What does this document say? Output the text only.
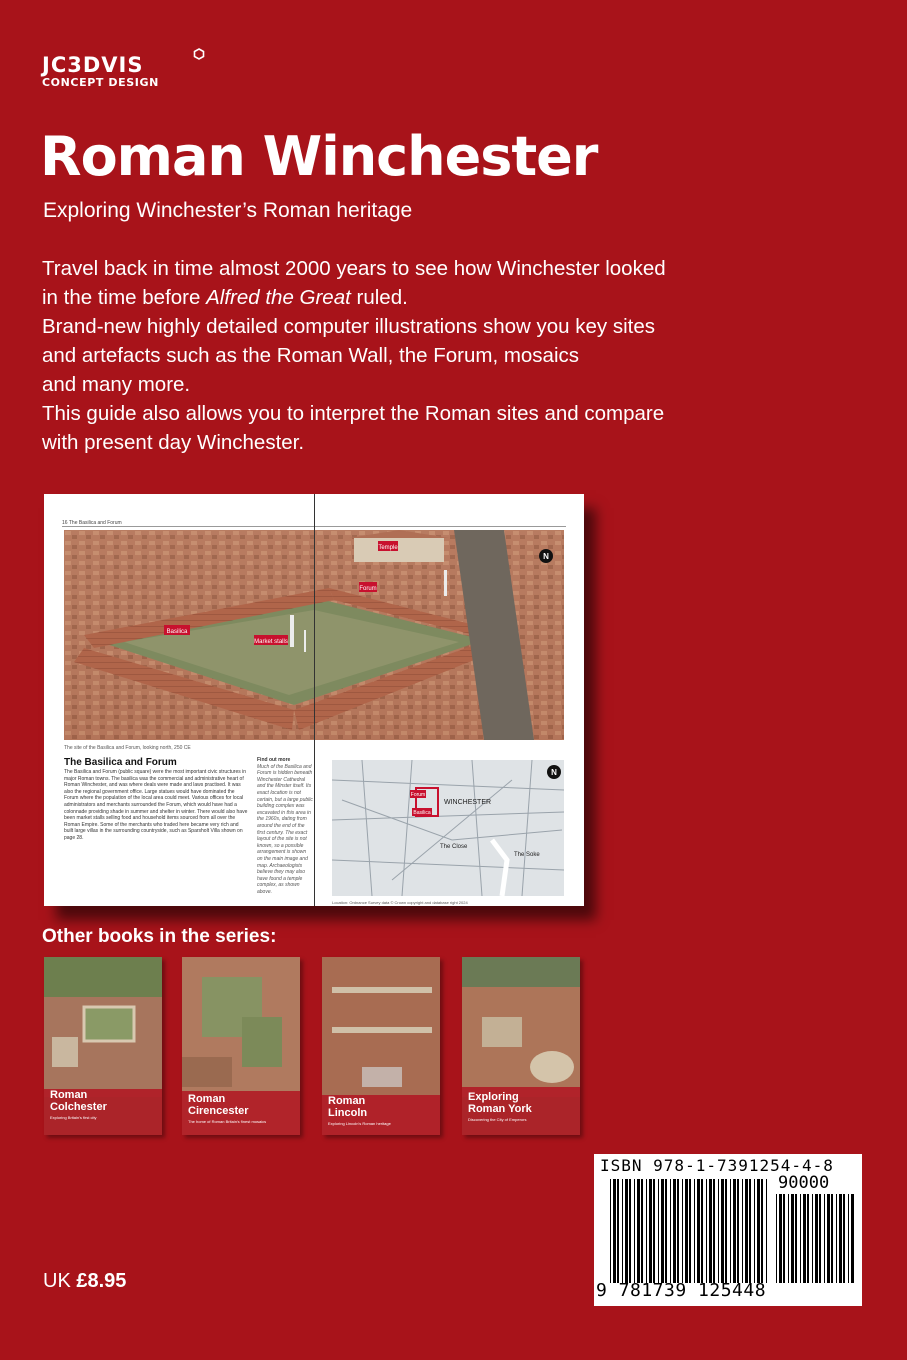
JC3DVIS
CONCEPT DESIGN
Roman Winchester
Exploring Winchester’s Roman heritage

Travel back in time almost 2000 years to see how Winchester looked

in the time before Alfred the Great ruled.

Brand-new highly detailed computer illustrations show you key sites

and artefacts such as the Roman Wall, the Forum, mosaics

and many more.

This guide also allows you to interpret the Roman sites and compare

with present day Winchester.

16 The Basilica and Forum
Temple
Forum
Basilica
Market stalls
N
The site of the Basilica and Forum, looking north, 250 CE
The Basilica and Forum
The Basilica and Forum (public square) were the most important civic structures in major Roman towns. The basilica was the commercial and administrative heart of Roman Winchester, and was where deals were made and laws practised. It was also the regional government office. Large statues would have dominated the Forum where the population of the local area could meet. Various offices for local administrators and merchants surrounded the Forum, which would have had a colonnade providing shade in summer and shelter in winter. There would also have been market stalls selling food and household items sourced from all over the Roman Empire. Some of the merchants who traded here became very rich and built large villas in the surrounding countryside, such as Sparsholt Villa shown on page 28.
Find out more
Much of the Basilica and Forum is hidden beneath Winchester Cathedral and the Minster itself. Its exact location is not certain, but a large public building complex was excavated in this area in the 1960s, dating from around the end of the first century. The exact layout of the site is not known, so a possible arrangement is shown on the main image and map. Archaeologists believe they may also have found a temple complex, as shown above.
Forum
Basilica
WINCHESTER
The Close
The Soke
N
Location: Ordnance Survey data © Crown copyright and database right 2024
Other books in the series:
Roman
Colchester
Exploring Britain's first city
Roman
Cirencester
The home of Roman Britain's finest mosaics
Roman
Lincoln
Exploring Lincoln's Roman heritage
Exploring
Roman York
Discovering the City of Emperors
ISBN 978-1-7391254-4-8
90000
9 781739 125448
UK £8.95
